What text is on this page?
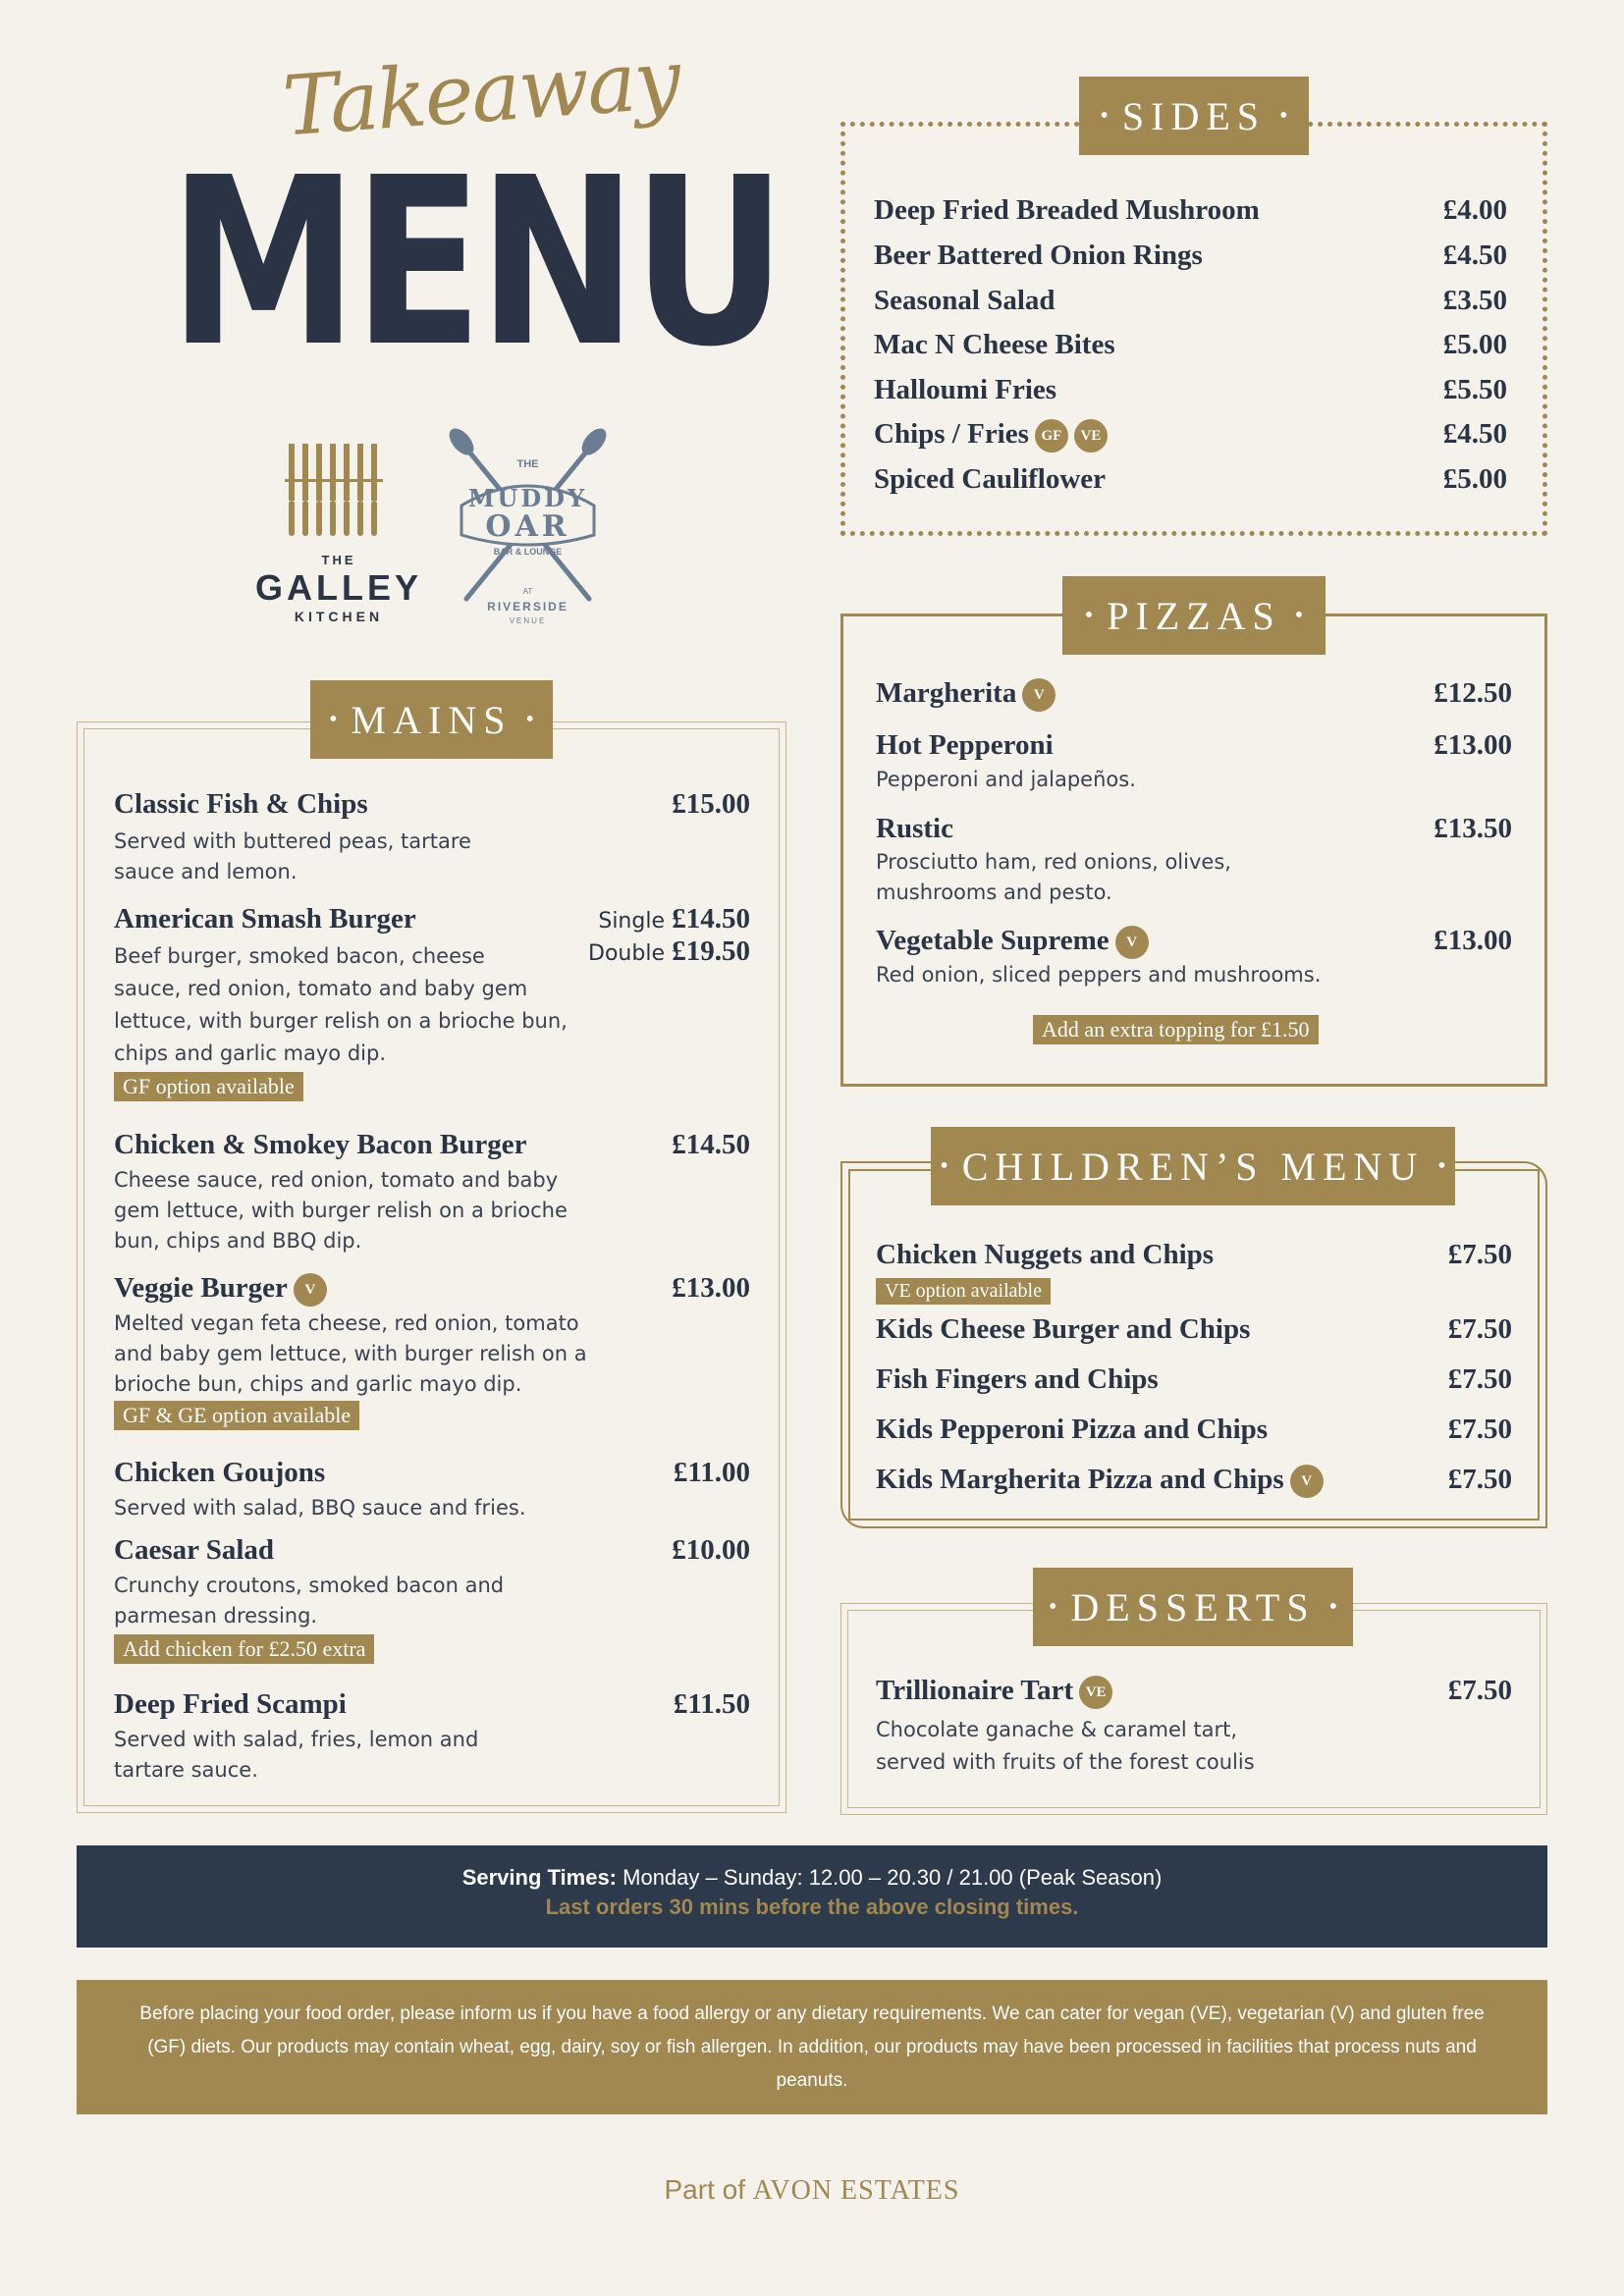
Takeaway
MENU
THE
GALLEY
KITCHEN
THE
MUDDY
OAR
BAR & LOUNGE
AT
RIVERSIDE
VENUE
• MAINS •
Classic Fish & Chips	£15.00
Served with buttered peas, tartare
sauce and lemon.
American Smash Burger	Single £14.50
Double £19.50
Beef burger, smoked bacon, cheese
sauce, red onion, tomato and baby gem
lettuce, with burger relish on a brioche bun,
chips and garlic mayo dip.
GF option available
Chicken & Smokey Bacon Burger	£14.50
Cheese sauce, red onion, tomato and baby
gem lettuce, with burger relish on a brioche
bun, chips and BBQ dip.
Veggie Burger V	£13.00
Melted vegan feta cheese, red onion, tomato
and baby gem lettuce, with burger relish on a
brioche bun, chips and garlic mayo dip.
GF & GE option available
Chicken Goujons	£11.00
Served with salad, BBQ sauce and fries.
Caesar Salad	£10.00
Crunchy croutons, smoked bacon and
parmesan dressing.
Add chicken for £2.50 extra
Deep Fried Scampi	£11.50
Served with salad, fries, lemon and
tartare sauce.
• SIDES •
Deep Fried Breaded Mushroom	£4.00
Beer Battered Onion Rings	£4.50
Seasonal Salad	£3.50
Mac N Cheese Bites	£5.00
Halloumi Fries	£5.50
Chips / Fries GF VE	£4.50
Spiced Cauliflower	£5.00
• PIZZAS •
Margherita V	£12.50
Hot Pepperoni	£13.00
Pepperoni and jalapeños.
Rustic	£13.50
Prosciutto ham, red onions, olives,
mushrooms and pesto.
Vegetable Supreme V	£13.00
Red onion, sliced peppers and mushrooms.
Add an extra topping for £1.50
• CHILDREN’S MENU •
Chicken Nuggets and Chips	£7.50
VE option available
Kids Cheese Burger and Chips	£7.50
Fish Fingers and Chips	£7.50
Kids Pepperoni Pizza and Chips	£7.50
Kids Margherita Pizza and Chips V	£7.50
• DESSERTS •
Trillionaire Tart VE	£7.50
Chocolate ganache & caramel tart,
served with fruits of the forest coulis
Serving Times: Monday – Sunday: 12.00 – 20.30 / 21.00 (Peak Season)
Last orders 30 mins before the above closing times.
Before placing your food order, please inform us if you have a food allergy or any dietary requirements. We can cater for vegan (VE), vegetarian (V) and gluten free (GF) diets. Our products may contain wheat, egg, dairy, soy or fish allergen. In addition, our products may have been processed in facilities that process nuts and peanuts.
Part of AVON ESTATES
